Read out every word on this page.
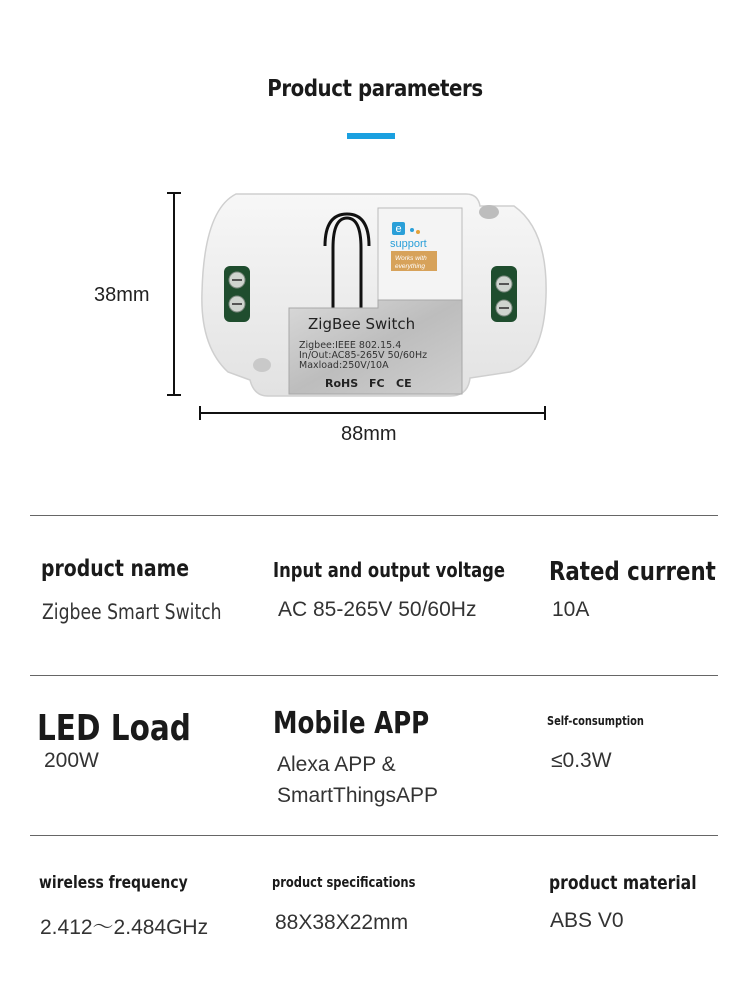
Product parameters
e
support
Works with
everything
ZigBee Switch
Zigbee:IEEE 802.15.4
In/Out:AC85-265V 50/60Hz
Maxload:250V/10A
RoHS FC CE
38mm
88mm
product name
Zigbee Smart Switch
Input and output voltage
AC 85-265V 50/60Hz
Rated current
10A
LED Load
200W
Mobile APP
Alexa APP &
SmartThingsAPP
Self-consumption
≤0.3W
wireless frequency
2.412～2.484GHz
product specifications
88X38X22mm
product material
ABS V0
